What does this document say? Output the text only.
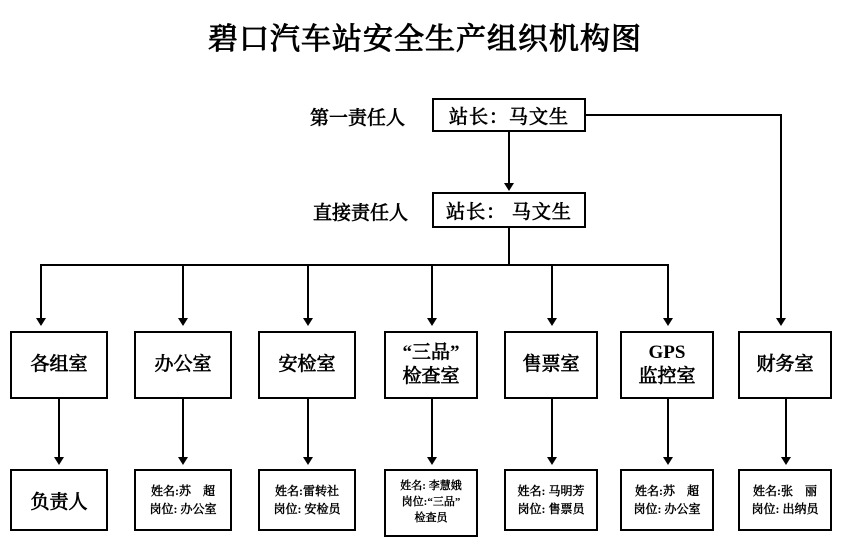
碧口汽车站安全生产组织机构图
第一责任人	站长：马文生
直接责任人	站长： 马文生
各组室	办公室	安检室
“三品”
检查室
售票室
GPS
监控室
财务室
负责人
姓名:苏　超
岗位: 办公室
姓名:雷转社
岗位: 安检员
姓名: 李慧娥
岗位:“三品”
检查员
姓名: 马明芳
岗位: 售票员
姓名:苏　超
岗位: 办公室
姓名:张　丽
岗位: 出纳员
